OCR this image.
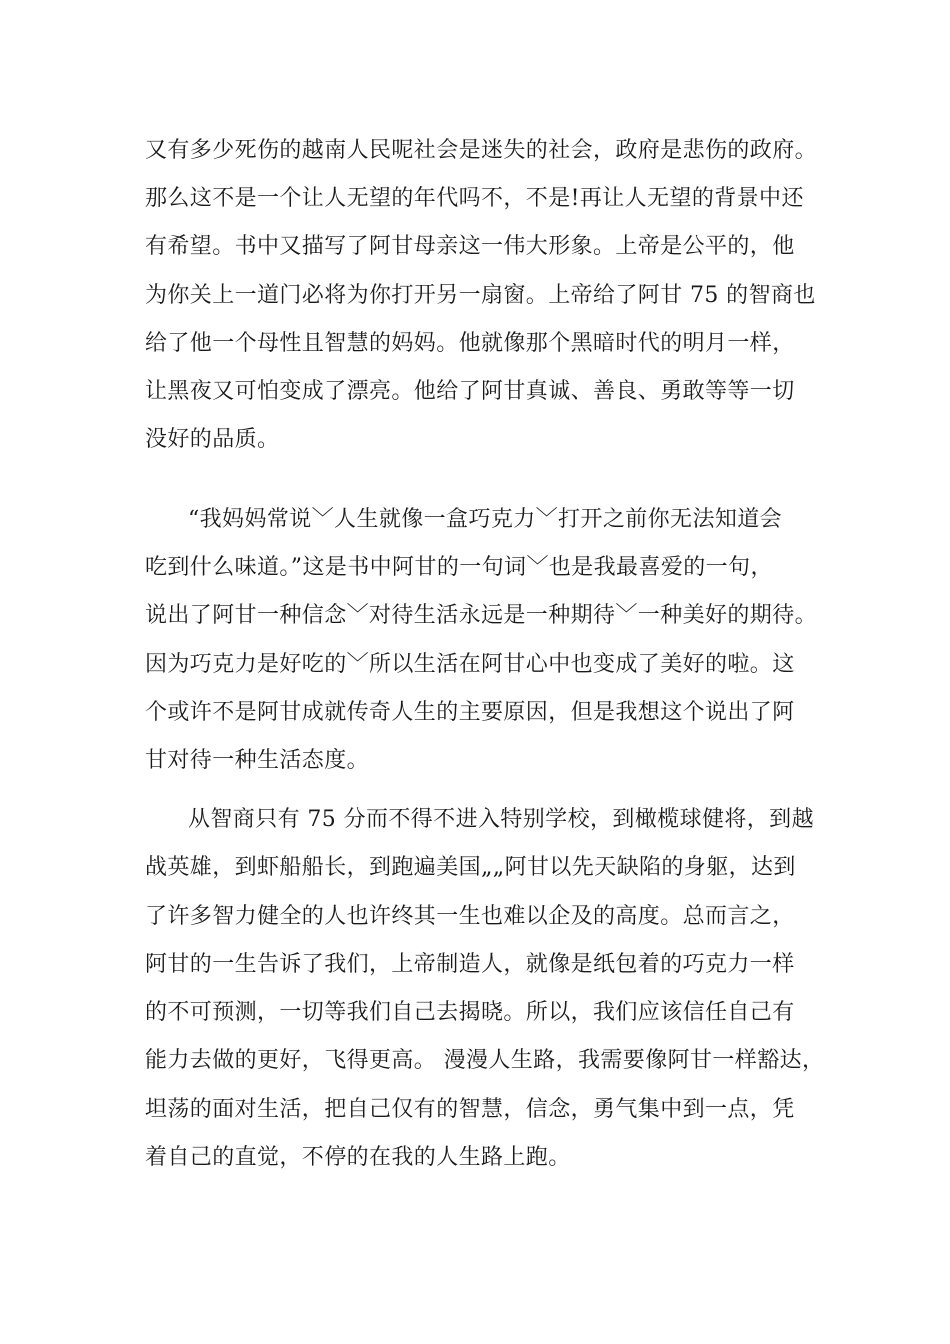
又有多少死伤的越南人民呢社会是迷失的社会，政府是悲伤的政府。
那么这不是一个让人无望的年代吗不，不是!再让人无望的背景中还
有希望。书中又描写了阿甘母亲这一伟大形象。上帝是公平的，他
为你关上一道门必将为你打开另一扇窗。上帝给了阿甘 75 的智商也
给了他一个母性且智慧的妈妈。他就像那个黑暗时代的明月一样，
让黑夜又可怕变成了漂亮。他给了阿甘真诚、善良、勇敢等等一切
没好的品质。
“我妈妈常说﹀人生就像一盒巧克力﹀打开之前你无法知道会
吃到什么味道。”这是书中阿甘的一句词﹀也是我最喜爱的一句，
说出了阿甘一种信念﹀对待生活永远是一种期待﹀一种美好的期待。
因为巧克力是好吃的﹀所以生活在阿甘心中也变成了美好的啦。这
个或许不是阿甘成就传奇人生的主要原因，但是我想这个说出了阿
甘对待一种生活态度。
从智商只有 75 分而不得不进入特别学校，到橄榄球健将，到越
战英雄，到虾船船长，到跑遍美国„„阿甘以先天缺陷的身躯，达到
了许多智力健全的人也许终其一生也难以企及的高度。总而言之，
阿甘的一生告诉了我们，上帝制造人，就像是纸包着的巧克力一样
的不可预测，一切等我们自己去揭晓。所以，我们应该信任自己有
能力去做的更好，飞得更高。 漫漫人生路，我需要像阿甘一样豁达，
坦荡的面对生活，把自己仅有的智慧，信念，勇气集中到一点，凭
着自己的直觉，不停的在我的人生路上跑。
